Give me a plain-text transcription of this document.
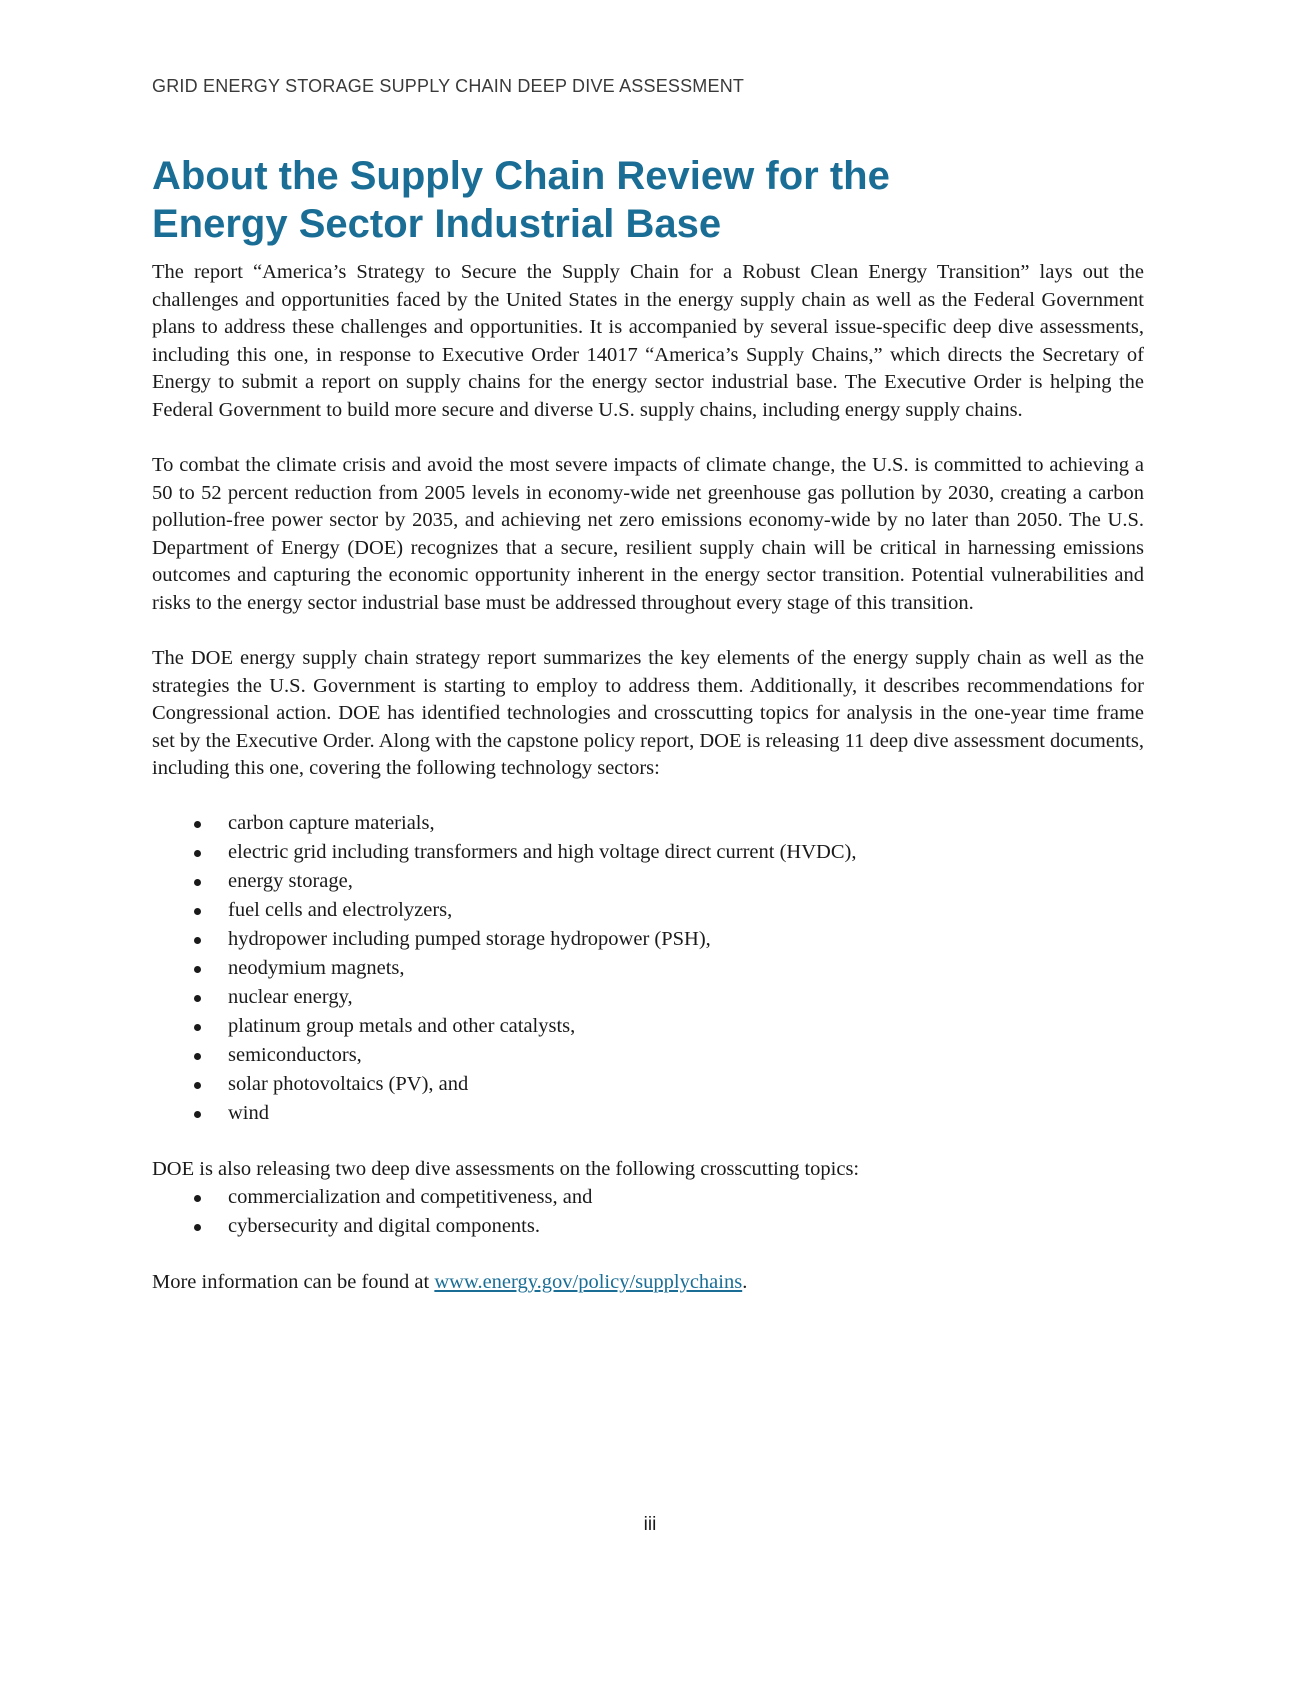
GRID ENERGY STORAGE SUPPLY CHAIN DEEP DIVE ASSESSMENT
About the Supply Chain Review for the
Energy Sector Industrial Base

The report “America’s Strategy to Secure the Supply Chain for a Robust Clean Energy Transition” lays out the challenges and opportunities faced by the United States in the energy supply chain as well as the Federal Government plans to address these challenges and opportunities. It is accompanied by several issue-specific deep dive assessments, including this one, in response to Executive Order 14017 “America’s Supply Chains,” which directs the Secretary of Energy to submit a report on supply chains for the energy sector industrial base. The Executive Order is helping the Federal Government to build more secure and diverse U.S. supply chains, including energy supply chains.

To combat the climate crisis and avoid the most severe impacts of climate change, the U.S. is committed to achieving a 50 to 52 percent reduction from 2005 levels in economy-wide net greenhouse gas pollution by 2030, creating a carbon pollution-free power sector by 2035, and achieving net zero emissions economy-wide by no later than 2050. The U.S. Department of Energy (DOE) recognizes that a secure, resilient supply chain will be critical in harnessing emissions outcomes and capturing the economic opportunity inherent in the energy sector transition. Potential vulnerabilities and risks to the energy sector industrial base must be addressed throughout every stage of this transition.

The DOE energy supply chain strategy report summarizes the key elements of the energy supply chain as well as the strategies the U.S. Government is starting to employ to address them. Additionally, it describes recommendations for Congressional action. DOE has identified technologies and crosscutting topics for analysis in the one-year time frame set by the Executive Order. Along with the capstone policy report, DOE is releasing 11 deep dive assessment documents, including this one, covering the following technology sectors:

carbon capture materials,
electric grid including transformers and high voltage direct current (HVDC),
energy storage,
fuel cells and electrolyzers,
hydropower including pumped storage hydropower (PSH),
neodymium magnets,
nuclear energy,
platinum group metals and other catalysts,
semiconductors,
solar photovoltaics (PV), and
wind

DOE is also releasing two deep dive assessments on the following crosscutting topics:

commercialization and competitiveness, and
cybersecurity and digital components.

More information can be found at www.energy.gov/policy/supplychains.

iii
